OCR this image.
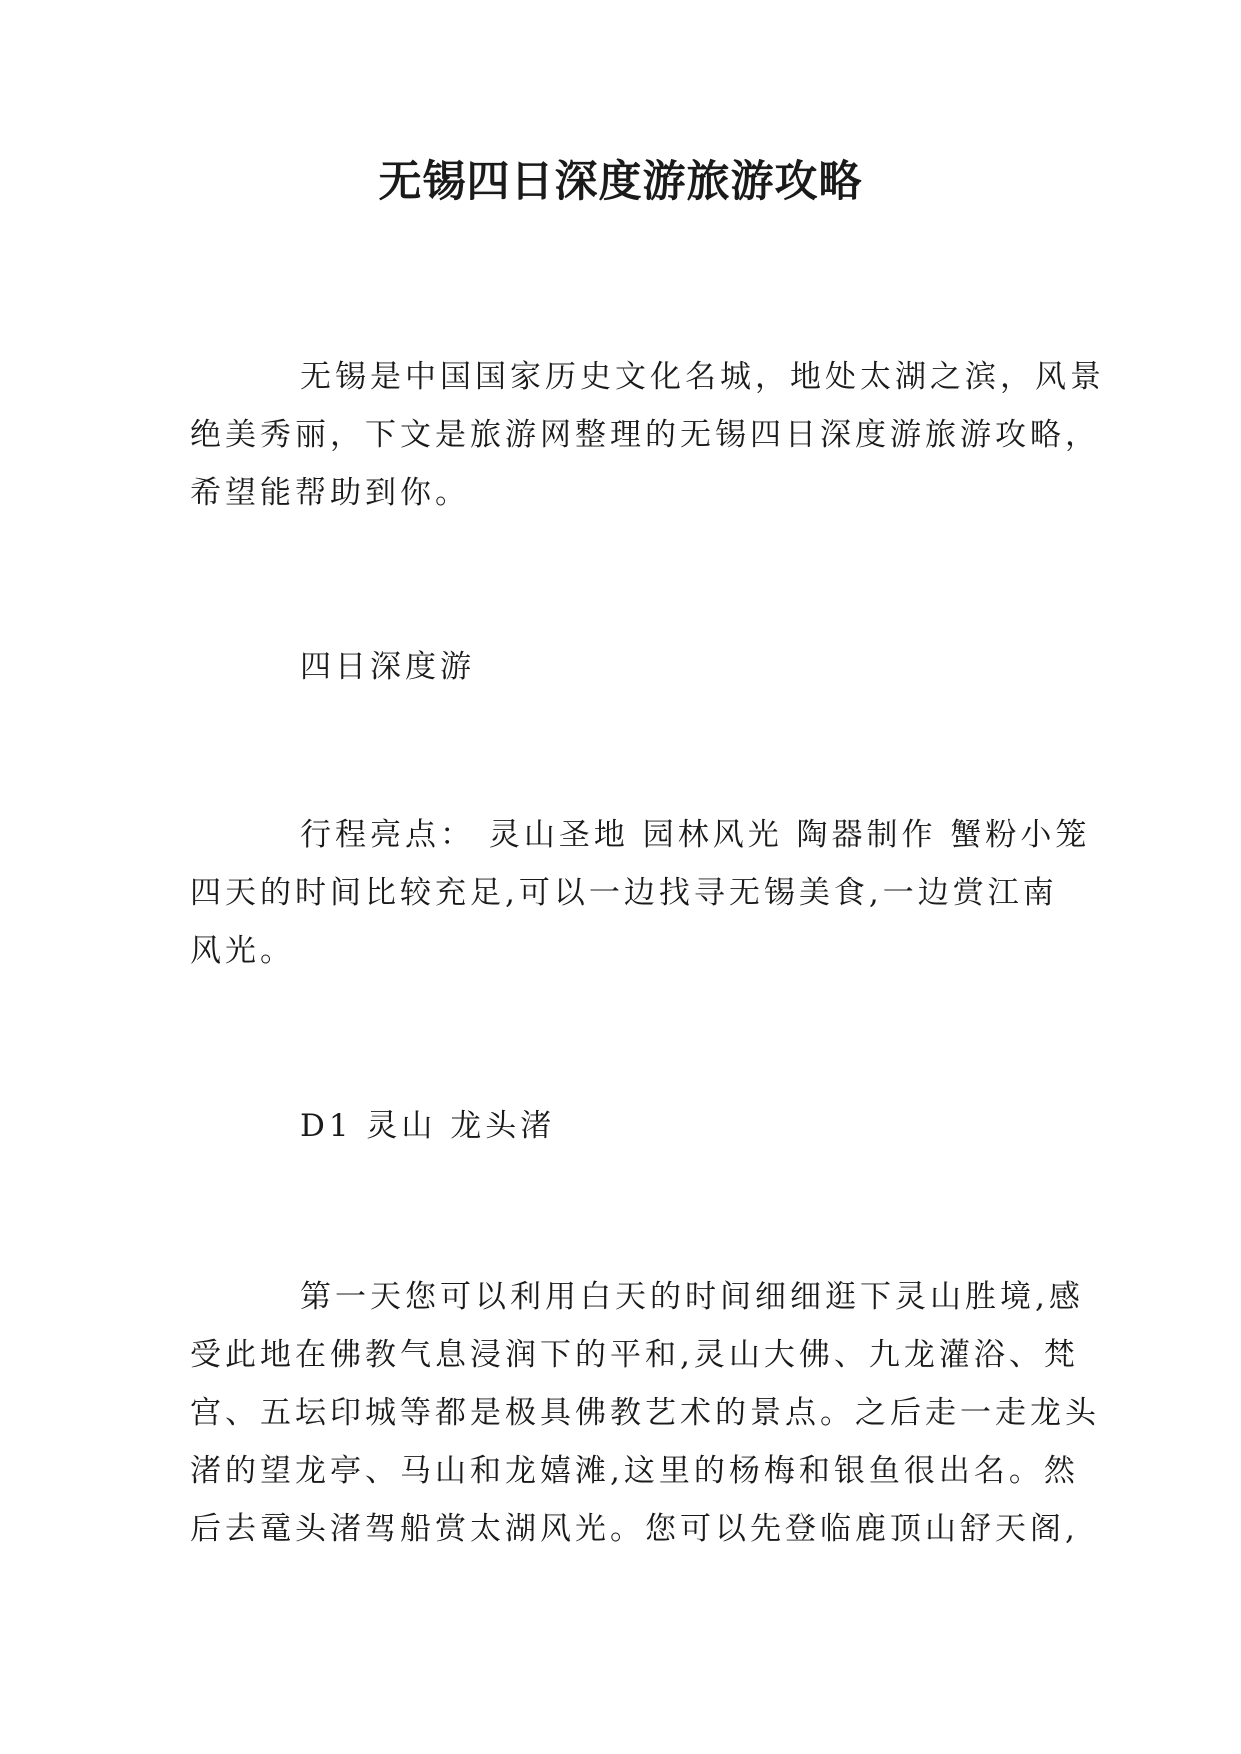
无锡四日深度游旅游攻略

无锡是中国国家历史文化名城，地处太湖之滨，风景
绝美秀丽，下文是旅游网整理的无锡四日深度游旅游攻略，
希望能帮助到你。

四日深度游

行程亮点： 灵山圣地 园林风光 陶器制作 蟹粉小笼
四天的时间比较充足,可以一边找寻无锡美食,一边赏江南
风光。

D1 灵山 龙头渚

第一天您可以利用白天的时间细细逛下灵山胜境,感
受此地在佛教气息浸润下的平和,灵山大佛、九龙灌浴、梵
宫、五坛印城等都是极具佛教艺术的景点。之后走一走龙头
渚的望龙亭、马山和龙嬉滩,这里的杨梅和银鱼很出名。然
后去鼋头渚驾船赏太湖风光。您可以先登临鹿顶山舒天阁,
